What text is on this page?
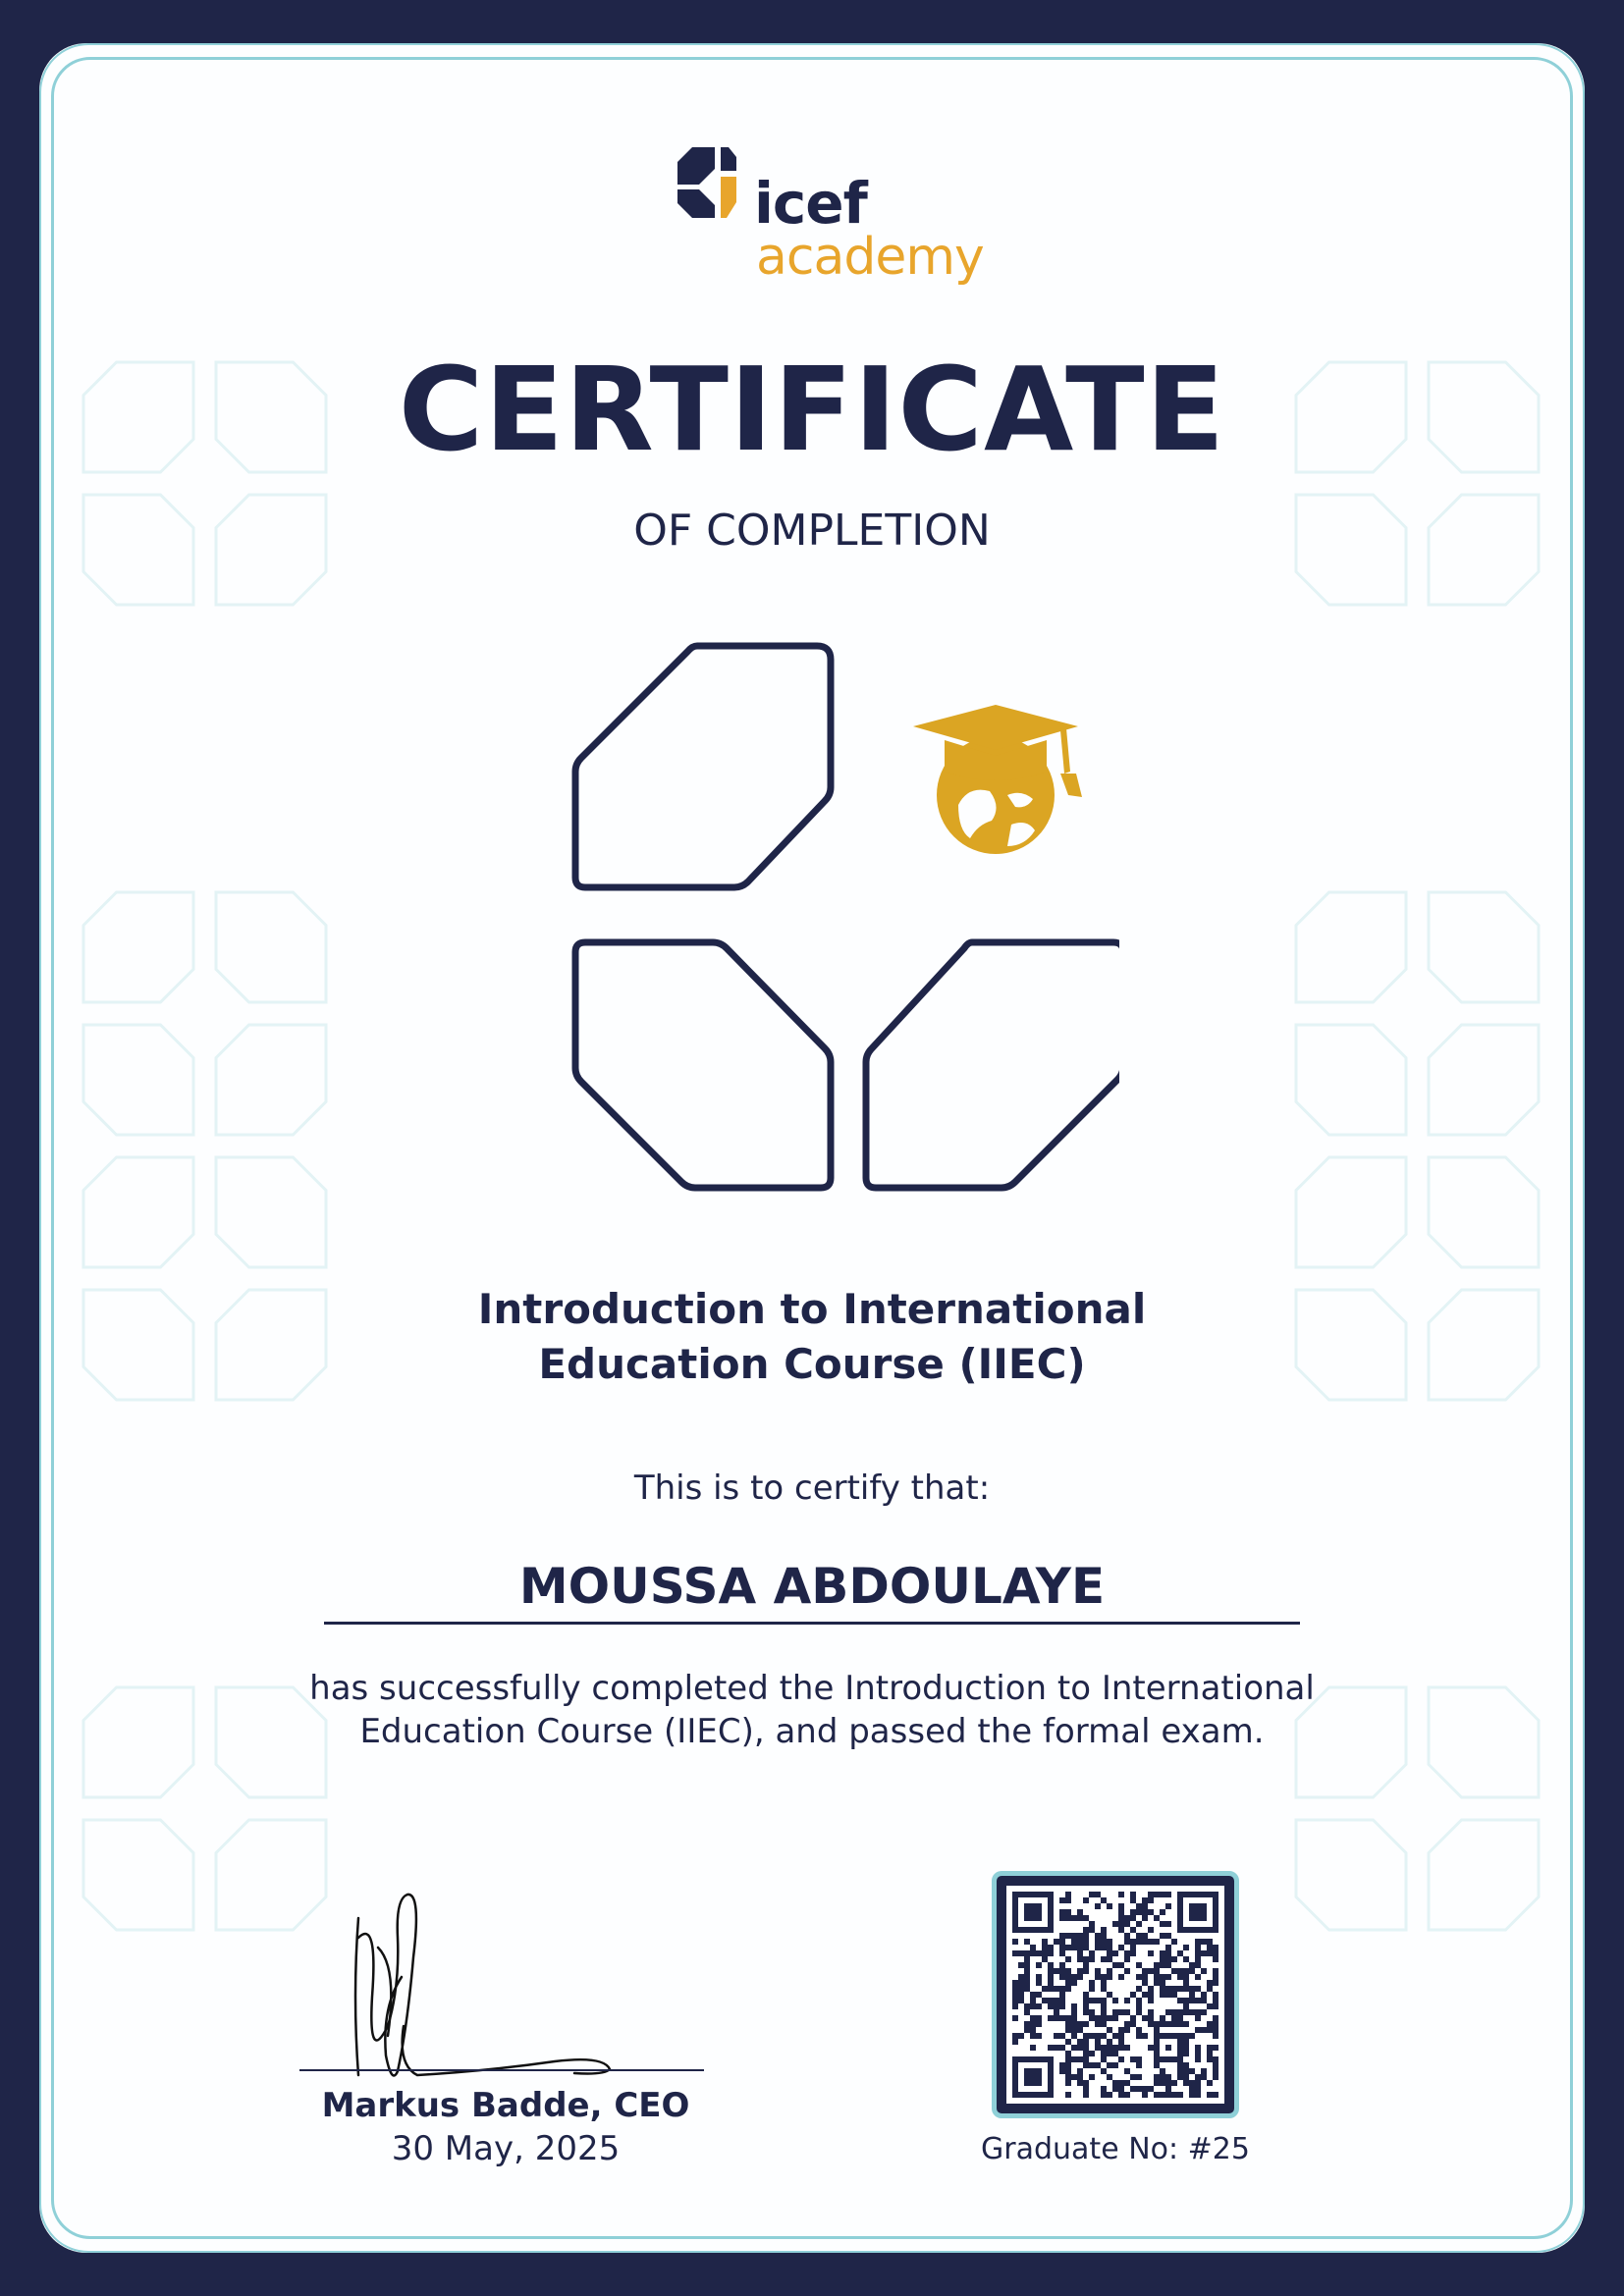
icef
academy
CERTIFICATE
OF COMPLETION
Introduction to International
Education Course (IIEC)
This is to certify that:
MOUSSA ABDOULAYE
has successfully completed the Introduction to International
Education Course (IIEC), and passed the formal exam.
Markus Badde, CEO
30 May, 2025	Graduate No: #25
